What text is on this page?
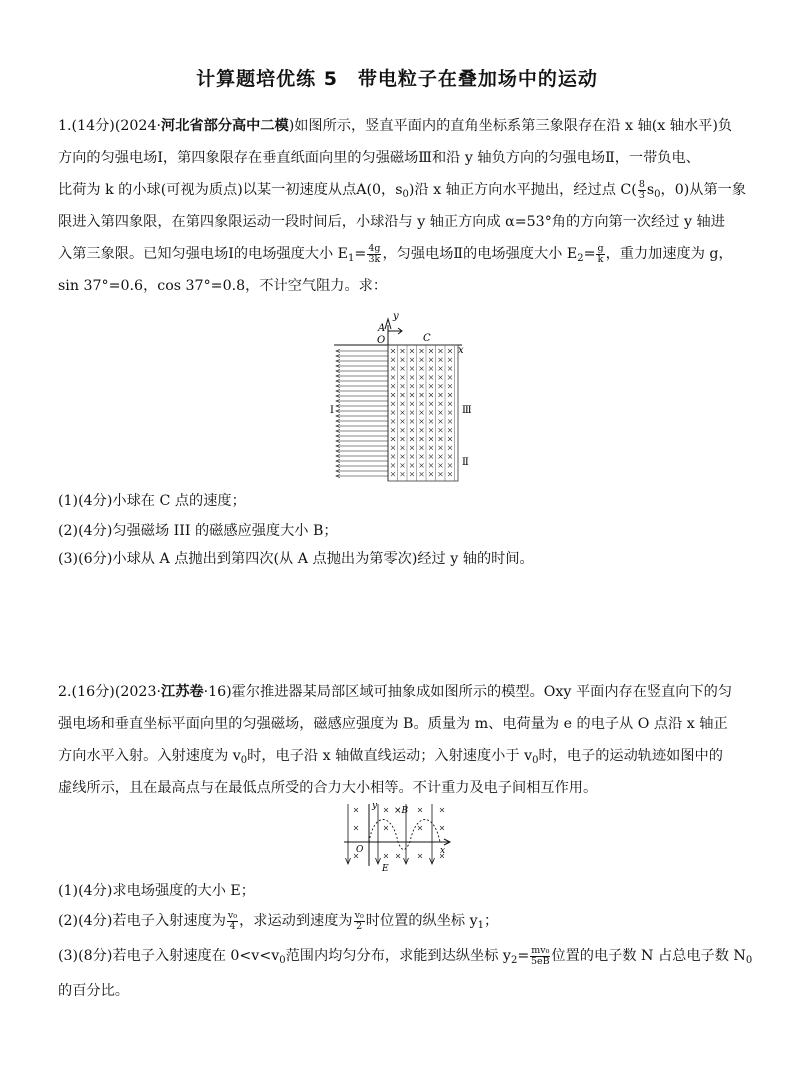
计算题培优练 5　带电粒子在叠加场中的运动
1.(14分)(2024·河北省部分高中二模)如图所示，竖直平面内的直角坐标系第三象限存在沿 x 轴(x 轴水平)负
方向的匀强电场Ⅰ，第四象限存在垂直纸面向里的匀强磁场Ⅲ和沿 y 轴负方向的匀强电场Ⅱ，一带负电、
比荷为 k 的小球(可视为质点)以某一初速度从点A(0，$s_0$)沿 x 轴正方向水平抛出，经过点 $C( \frac{8}{3} s_0$，0)从第一象
限进入第四象限，在第四象限运动一段时间后，小球沿与 y 轴正方向成 α=53°角的方向第一次经过 y 轴进
入第三象限。已知匀强电场Ⅰ的电场强度大小 $E_1= \frac{4g}{3k}$ ，匀强电场Ⅱ的电场强度大小 $E_2= \frac{g}{k}$ ，重力加速度为 g，
sin 37°=0.6，cos 37°=0.8，不计空气阻力。求：
y
x
A
O	C
Ⅰ	Ⅲ
Ⅱ
(1)(4分)小球在 C 点的速度；
(2)(4分)匀强磁场 III 的磁感应强度大小 B；
(3)(6分)小球从 A 点抛出到第四次(从 A 点抛出为第零次)经过 y 轴的时间。
2.(16分)(2023·江苏卷·16)霍尔推进器某局部区域可抽象成如图所示的模型。Oxy 平面内存在竖直向下的匀
强电场和垂直坐标平面向里的匀强磁场，磁感应强度为 B。质量为 m、电荷量为 e 的电子从 O 点沿 x 轴正
方向水平入射。入射速度为 $v_0$时，电子沿 x 轴做直线运动；入射速度小于 $v_0$时，电子的运动轨迹如图中的
虚线所示，且在最高点与在最低点所受的合力大小相等。不计重力及电子间相互作用。
y
O	x
E
×B
(1)(4分)求电场强度的大小 E；
(2)(4分)若电子入射速度为 $\frac{\text{v₀}}{4}$ ，求运动到速度为 $\frac{\text{v₀}}{2}$ 时位置的纵坐标 $y_1$；
(3)(8分)若电子入射速度在 $0<v<v_0$范围内均匀分布，求能到达纵坐标 $y_2= \frac{\text{mv₀}}{5eB}$ 位置的电子数 N 占总电子数 $N_0$
的百分比。
